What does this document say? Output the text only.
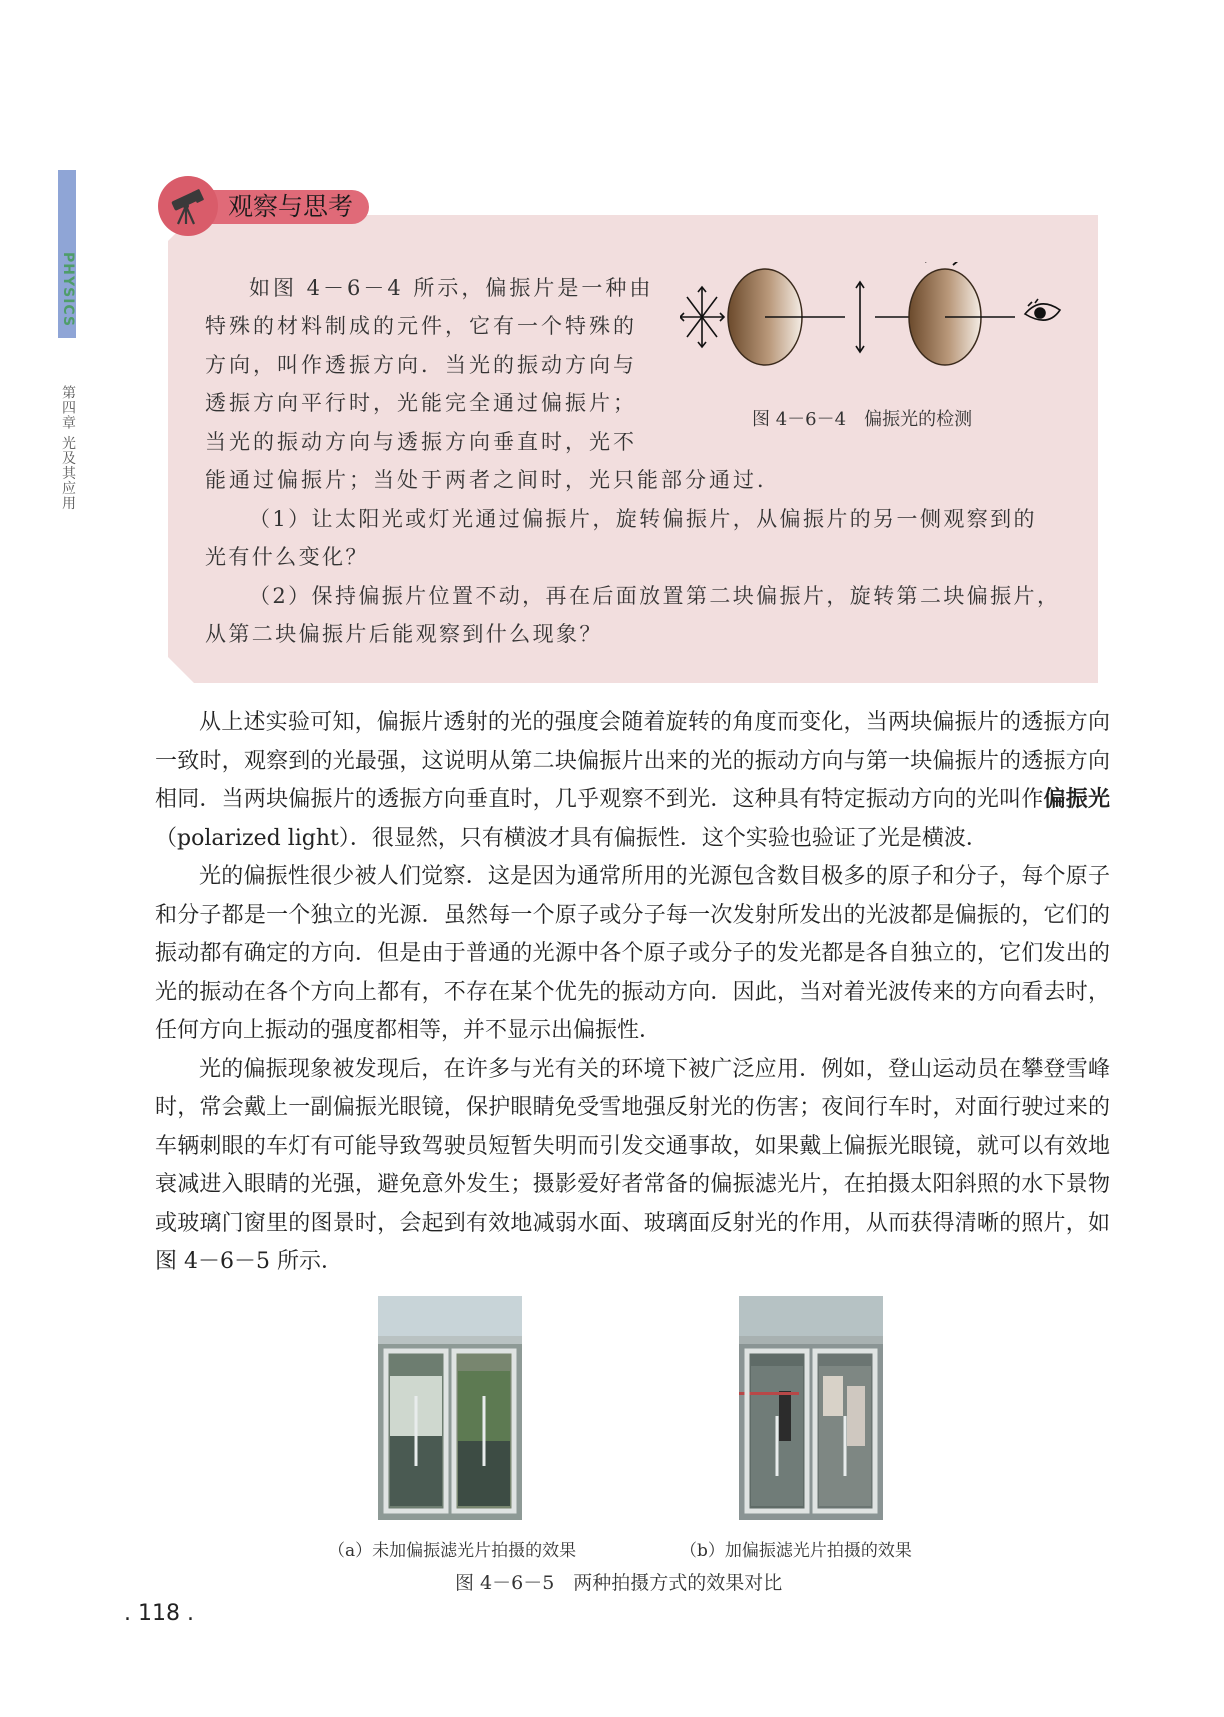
PHYSICS
第四章 光及其应用
观察与思考

如图 4－6－4 所示，偏振片是一种由

特殊的材料制成的元件，它有一个特殊的

方向，叫作透振方向．当光的振动方向与

透振方向平行时，光能完全通过偏振片；

当光的振动方向与透振方向垂直时，光不

能通过偏振片；当处于两者之间时，光只能部分通过．

（1）让太阳光或灯光通过偏振片，旋转偏振片，从偏振片的另一侧观察到的

光有什么变化？

（2）保持偏振片位置不动，再在后面放置第二块偏振片，旋转第二块偏振片，

从第二块偏振片后能观察到什么现象？

图 4－6－4　偏振光的检测

从上述实验可知，偏振片透射的光的强度会随着旋转的角度而变化，当两块偏振片的透振方向一致时，观察到的光最强，这说明从第二块偏振片出来的光的振动方向与第一块偏振片的透振方向相同．当两块偏振片的透振方向垂直时，几乎观察不到光．这种具有特定振动方向的光叫作偏振光（polarized light）．很显然，只有横波才具有偏振性．这个实验也验证了光是横波．

光的偏振性很少被人们觉察．这是因为通常所用的光源包含数目极多的原子和分子，每个原子和分子都是一个独立的光源．虽然每一个原子或分子每一次发射所发出的光波都是偏振的，它们的振动都有确定的方向．但是由于普通的光源中各个原子或分子的发光都是各自独立的，它们发出的光的振动在各个方向上都有，不存在某个优先的振动方向．因此，当对着光波传来的方向看去时，任何方向上振动的强度都相等，并不显示出偏振性．

光的偏振现象被发现后，在许多与光有关的环境下被广泛应用．例如，登山运动员在攀登雪峰时，常会戴上一副偏振光眼镜，保护眼睛免受雪地强反射光的伤害；夜间行车时，对面行驶过来的车辆刺眼的车灯有可能导致驾驶员短暂失明而引发交通事故，如果戴上偏振光眼镜，就可以有效地衰减进入眼睛的光强，避免意外发生；摄影爱好者常备的偏振滤光片，在拍摄太阳斜照的水下景物或玻璃门窗里的图景时，会起到有效地减弱水面、玻璃面反射光的作用，从而获得清晰的照片，如图 4－6－5 所示．

（a）未加偏振滤光片拍摄的效果	（b）加偏振滤光片拍摄的效果
图 4－6－5　两种拍摄方式的效果对比
. 118 .
